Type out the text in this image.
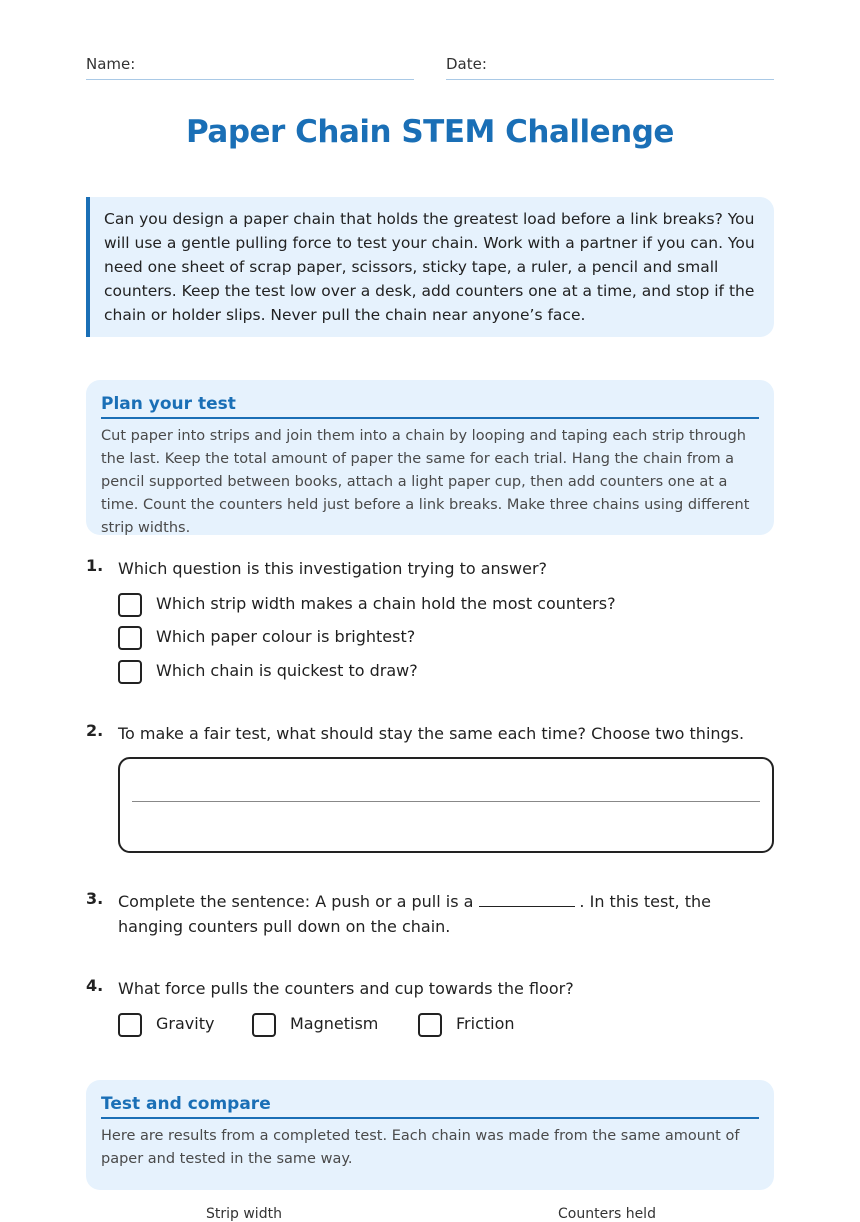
Name:	Date:
Paper Chain STEM Challenge
Can you design a paper chain that holds the greatest load before a link breaks? You will use a gentle pulling force to test your chain. Work with a partner if you can. You need one sheet of scrap paper, scissors, sticky tape, a ruler, a pencil and small counters. Keep the test low over a desk, add counters one at a time, and stop if the chain or holder slips. Never pull the chain near anyone’s face.
Plan your test
Cut paper into strips and join them into a chain by looping and taping each strip through the last. Keep the total amount of paper the same for each trial. Hang the chain from a pencil supported between books, attach a light paper cup, then add counters one at a time. Count the counters held just before a link breaks. Make three chains using different strip widths.
1. Which question is this investigation trying to answer?
Which strip width makes a chain hold the most counters?
Which paper colour is brightest?
Which chain is quickest to draw?
2. To make a fair test, what should stay the same each time? Choose two things.
3. Complete the sentence: A push or a pull is a	. In this test, the hanging counters pull down on the chain.
4. What force pulls the counters and cup towards the floor?
Gravity	Magnetism	Friction
Test and compare
Here are results from a completed test. Each chain was made from the same amount of paper and tested in the same way.
Strip width	Counters held
